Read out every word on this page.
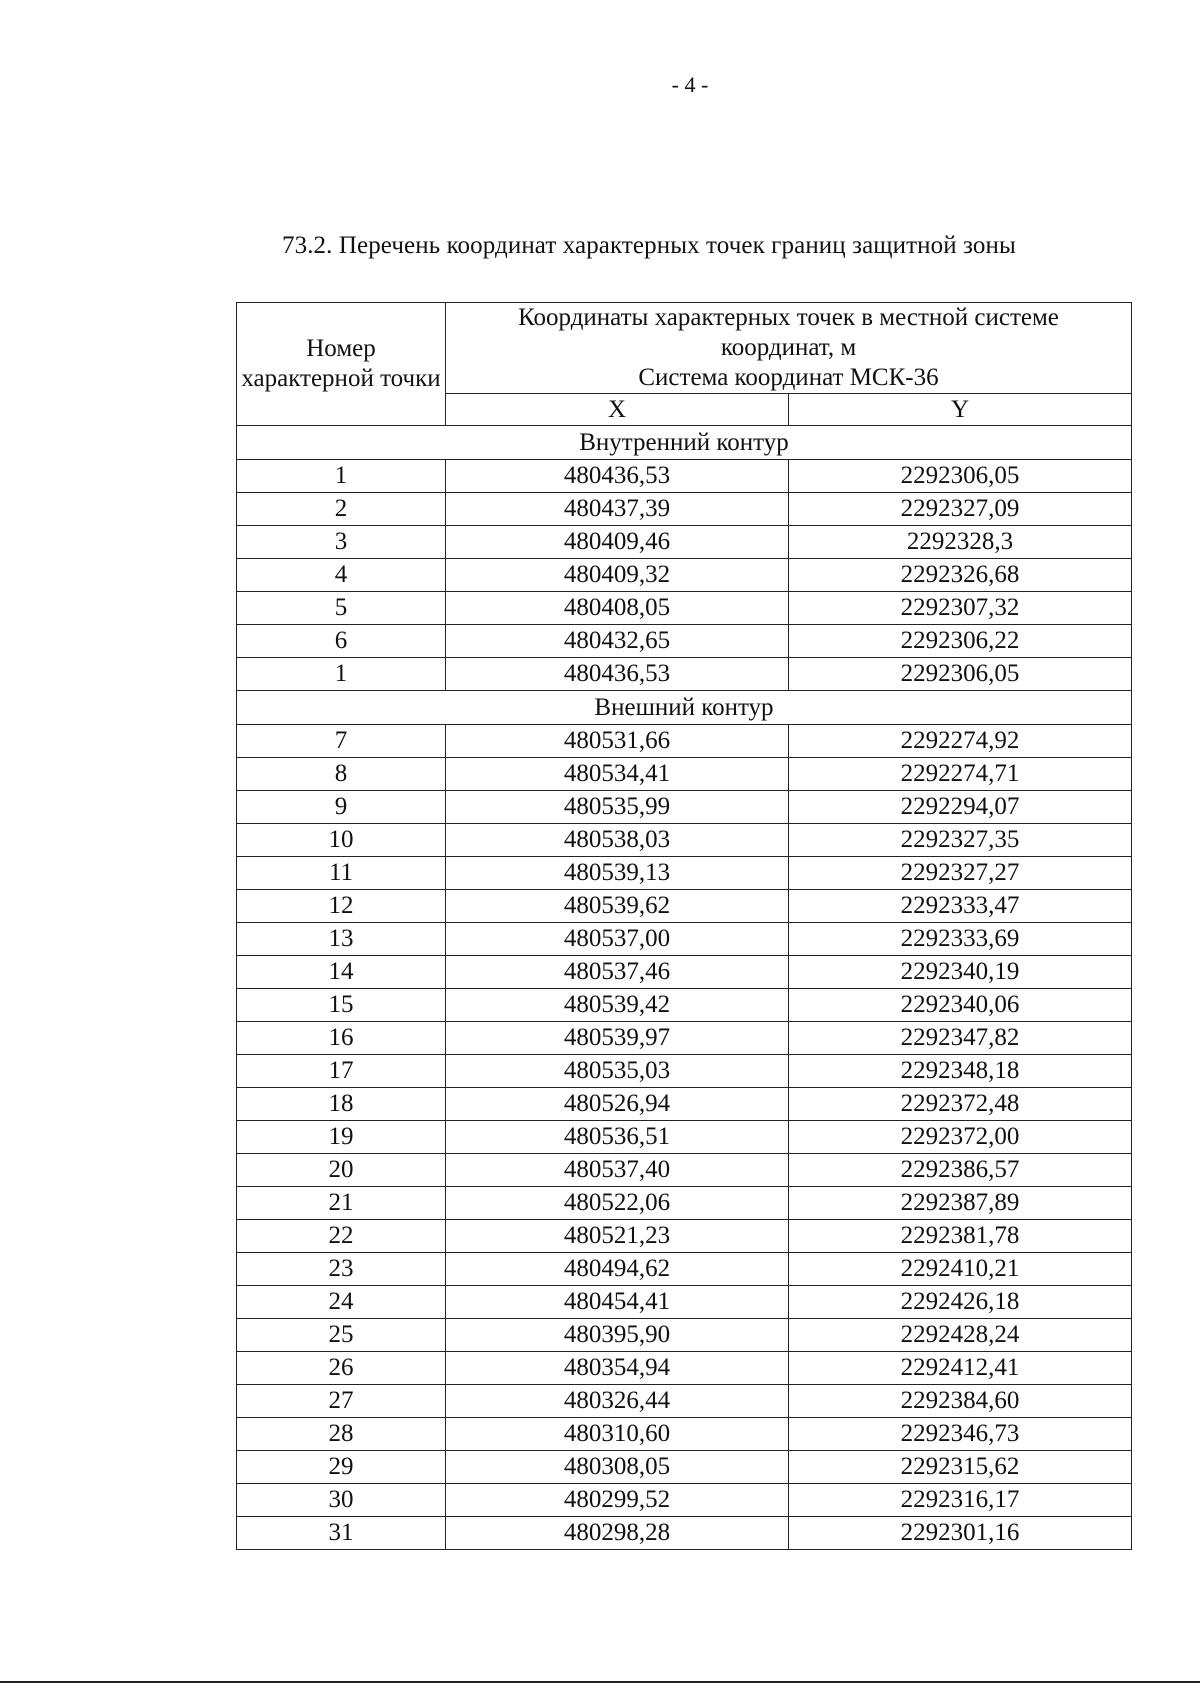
- 4 -
73.2. Перечень координат характерных точек границ защитной зоны
Номер характерной точки	Координаты характерных точек в местной системе
координат, м
Система координат МСК-36	

	X	Y
Внутренний контур		
1	480436,53	2292306,05
2	480437,39	2292327,09
3	480409,46	2292328,3
4	480409,32	2292326,68
5	480408,05	2292307,32
6	480432,65	2292306,22
1	480436,53	2292306,05
Внешний контур		
7	480531,66	2292274,92
8	480534,41	2292274,71
9	480535,99	2292294,07
10	480538,03	2292327,35
11	480539,13	2292327,27
12	480539,62	2292333,47
13	480537,00	2292333,69
14	480537,46	2292340,19
15	480539,42	2292340,06
16	480539,97	2292347,82
17	480535,03	2292348,18
18	480526,94	2292372,48
19	480536,51	2292372,00
20	480537,40	2292386,57
21	480522,06	2292387,89
22	480521,23	2292381,78
23	480494,62	2292410,21
24	480454,41	2292426,18
25	480395,90	2292428,24
26	480354,94	2292412,41
27	480326,44	2292384,60
28	480310,60	2292346,73
29	480308,05	2292315,62
30	480299,52	2292316,17
31	480298,28	2292301,16
